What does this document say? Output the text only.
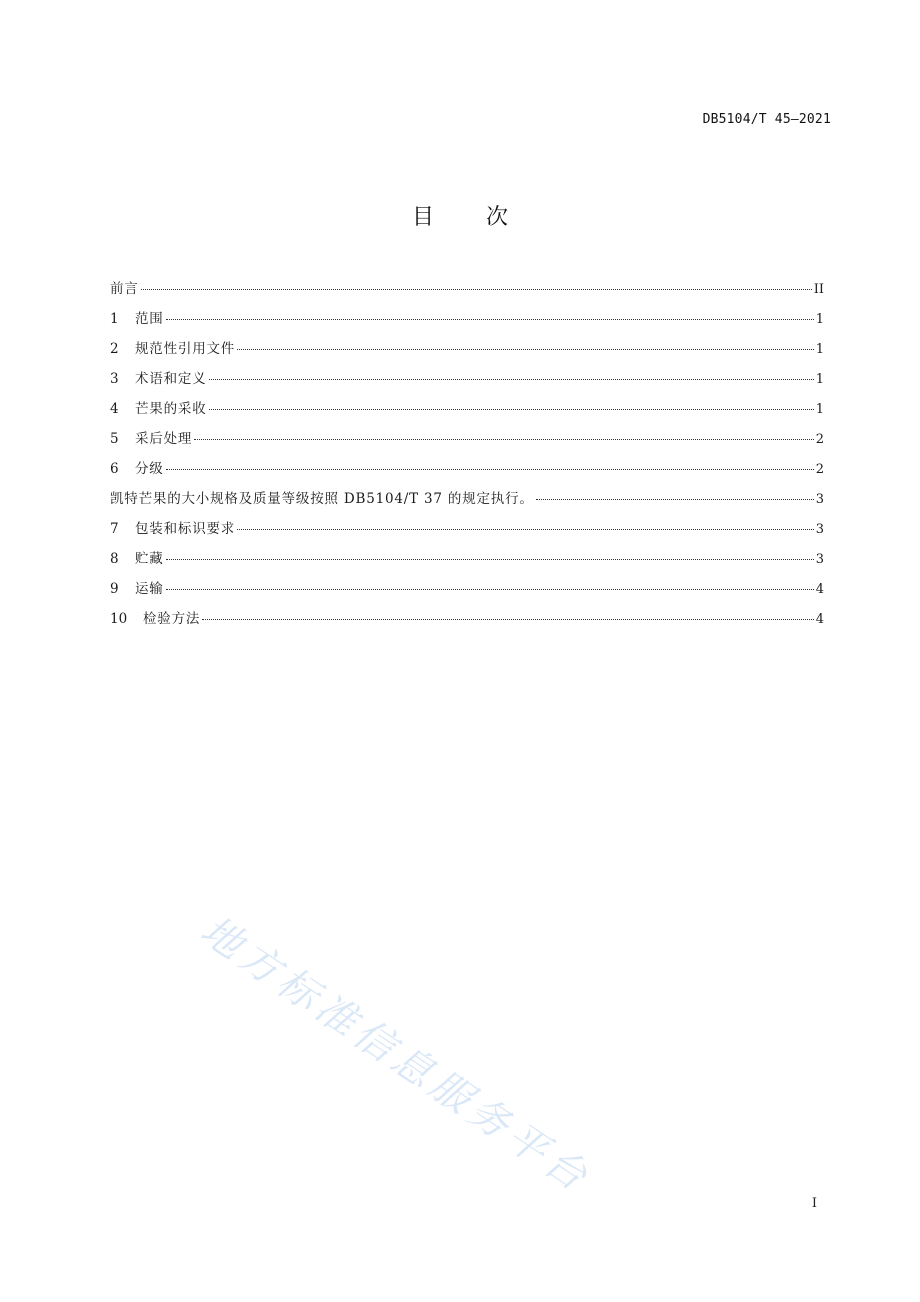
DB5104/T 45—2021
目 次
前言	II
1	范围	1
2	规范性引用文件	1
3	术语和定义	1
4	芒果的采收	1
5	采后处理	2
6	分级	2
凯特芒果的大小规格及质量等级按照 DB5104/T 37 的规定执行。	3
7	包装和标识要求	3
8	贮藏	3
9	运输	4
10	检验方法	4
地方标准信息服务平台
I
